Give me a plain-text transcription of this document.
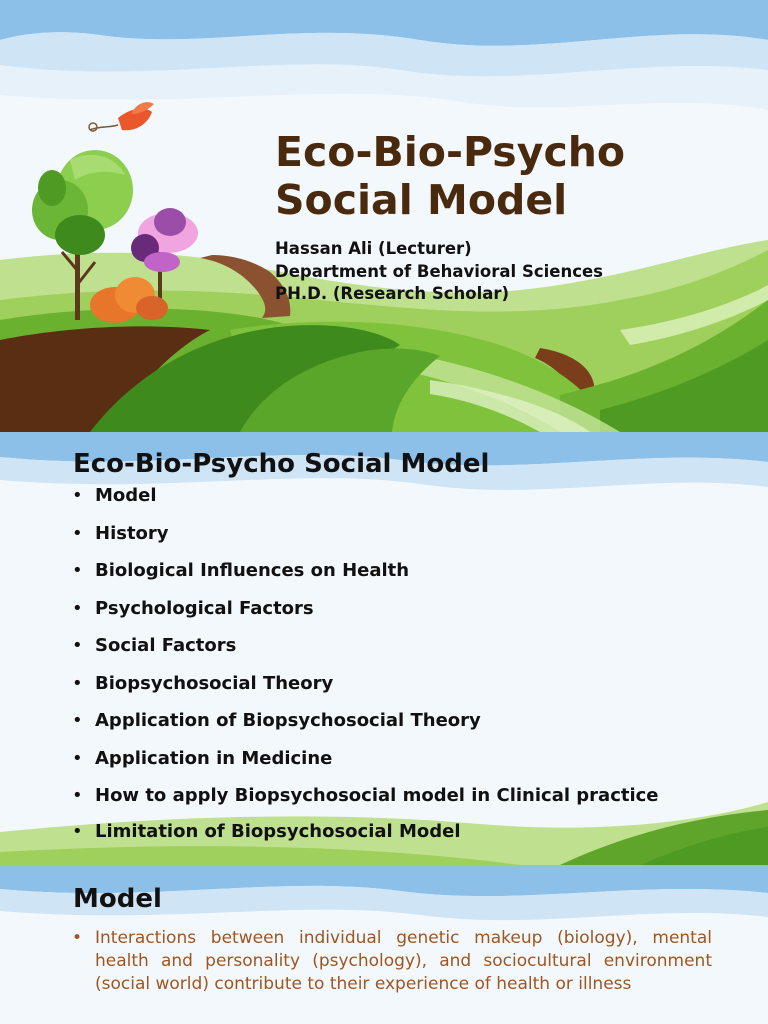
Eco-Bio-Psycho
Social Model
Hassan Ali (Lecturer)
Department of Behavioral Sciences
PH.D. (Research Scholar)
Eco-Bio-Psycho Social Model
• Model
• History
• Biological Influences on Health
• Psychological Factors
• Social Factors
• Biopsychosocial Theory
• Application of Biopsychosocial Theory
• Application in Medicine
• How to apply Biopsychosocial model in Clinical practice
• Limitation of Biopsychosocial Model
Model
• Interactions between individual genetic makeup (biology), mental health and personality (psychology), and sociocultural environment (social world) contribute to their experience of health or illness
